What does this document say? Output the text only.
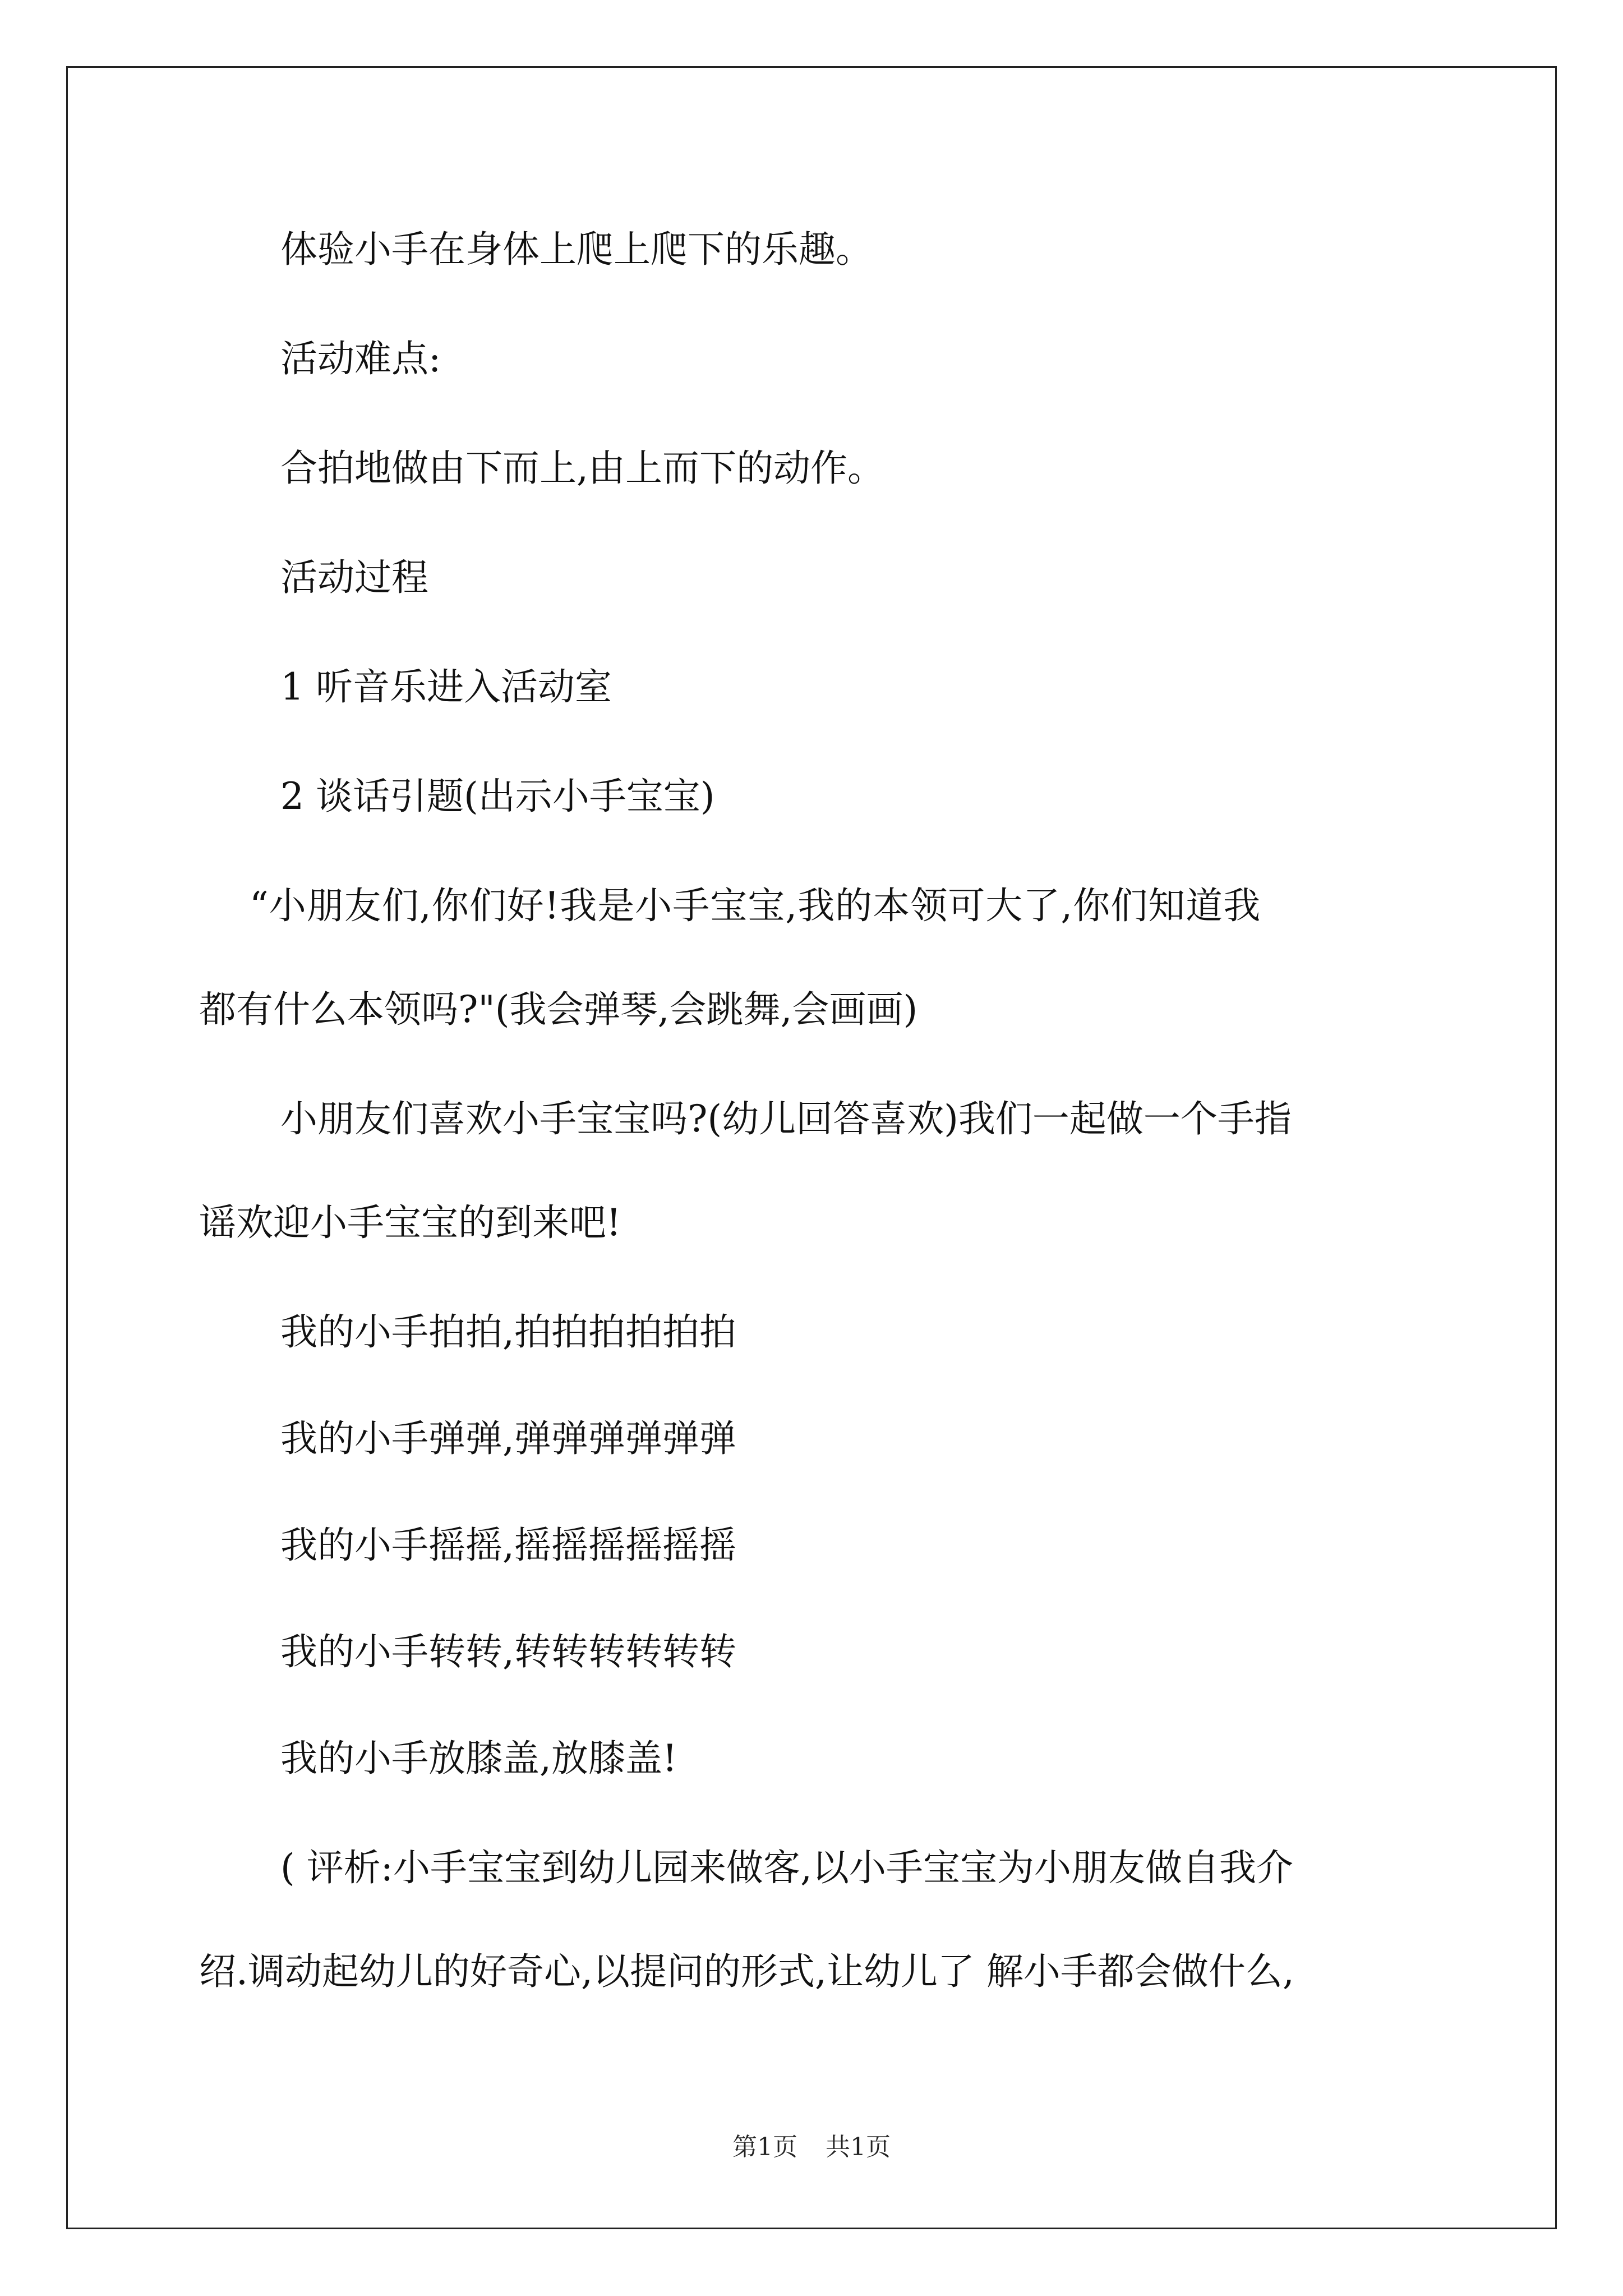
体验小手在身体上爬上爬下的乐趣。

活动难点:

合拍地做由下而上,由上而下的动作。

活动过程

1 听音乐进入活动室

2 谈话引题(出示小手宝宝)

“小朋友们,你们好!我是小手宝宝,我的本领可大了,你们知道我

都有什么本领吗?"(我会弹琴,会跳舞,会画画)

小朋友们喜欢小手宝宝吗?(幼儿回答喜欢)我们一起做一个手指

谣欢迎小手宝宝的到来吧!

我的小手拍拍,拍拍拍拍拍拍

我的小手弹弹,弹弹弹弹弹弹

我的小手摇摇,摇摇摇摇摇摇

我的小手转转,转转转转转转

我的小手放膝盖,放膝盖!

( 评析:小手宝宝到幼儿园来做客,以小手宝宝为小朋友做自我介

绍.调动起幼儿的好奇心,以提问的形式,让幼儿了 解小手都会做什么,

第1页 共1页
